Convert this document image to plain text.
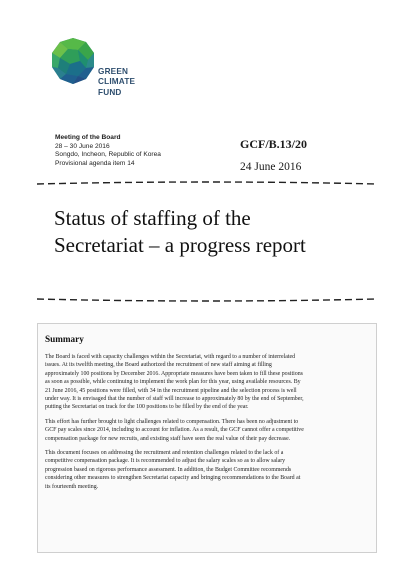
GREEN
CLIMATE
FUND
Meeting of the Board
28 – 30 June 2016
Songdo, Incheon, Republic of Korea
Provisional agenda item 14
GCF/B.13/20
24 June 2016
Status of staffing of the
Secretariat – a progress report
Summary
The Board is faced with capacity challenges within the Secretariat, with regard to a number of interrelated
issues. At its twelfth meeting, the Board authorized the recruitment of new staff aiming at filling
approximately 100 positions by December 2016. Appropriate measures have been taken to fill these positions
as soon as possible, while continuing to implement the work plan for this year, using available resources. By
21 June 2016, 45 positions were filled, with 34 in the recruitment pipeline and the selection process is well
under way. It is envisaged that the number of staff will increase to approximately 80 by the end of September,
putting the Secretariat on track for the 100 positions to be filled by the end of the year.
This effort has further brought to light challenges related to compensation. There has been no adjustment to
GCF pay scales since 2014, including to account for inflation. As a result, the GCF cannot offer a competitive
compensation package for new recruits, and existing staff have seen the real value of their pay decrease.
This document focuses on addressing the recruitment and retention challenges related to the lack of a
competitive compensation package. It is recommended to adjust the salary scales so as to allow salary
progression based on rigorous performance assessment. In addition, the Budget Committee recommends
considering other measures to strengthen Secretariat capacity and bringing recommendations to the Board at
its fourteenth meeting.
